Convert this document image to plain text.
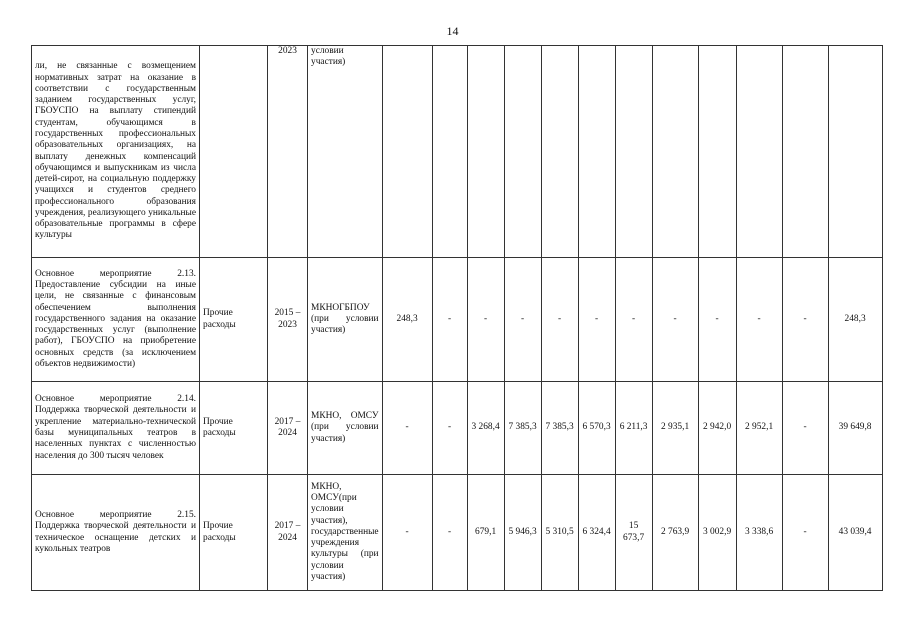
14
ли, не связанные с возмещением нормативных затрат на оказание в соответствии с государственным заданием государственных услуг, ГБОУСПО на выплату стипендий студентам, обучающимся в государственных профессиональных образовательных организациях, на выплату денежных компенсаций обучающимся и выпускникам из числа детей-сирот, на социальную поддержку учащихся и студентов среднего профессионального образования учреждения, реализующего уникальные образовательные программы в сфере культуры		2023	условии участия)												
Основное мероприятие 2.13. Предоставление субсидии на иные цели, не связанные с финансовым обеспечением выполнения государственного задания на оказание государственных услуг (выполнение работ), ГБОУСПО на приобретение основных средств (за исключением объектов недвижимости)	Прочие расходы	2015 – 2023	МКНОГБПОУ (при условии участия)	248,3	-	-	-	-	-	-	-	-	-	-	248,3
Основное мероприятие 2.14. Поддержка творческой деятельности и укрепление материально-технической базы муниципальных театров в населенных пунктах с численностью населения до 300 тысяч человек	Прочие расходы	2017 – 2024	МКНО, ОМСУ (при условии участия)	-	-	3 268,4	7 385,3	7 385,3	6 570,3	6 211,3	2 935,1	2 942,0	2 952,1	-	39 649,8
Основное мероприятие 2.15. Поддержка творческой деятельности и техническое оснащение детских и кукольных театров	Прочие расходы	2017 – 2024	МКНО, ОМСУ(при условии участия), государственные учреждения культуры (при условии участия)	-	-	679,1	5 946,3	5 310,5	6 324,4	15 673,7	2 763,9	3 002,9	3 338,6	-	43 039,4
